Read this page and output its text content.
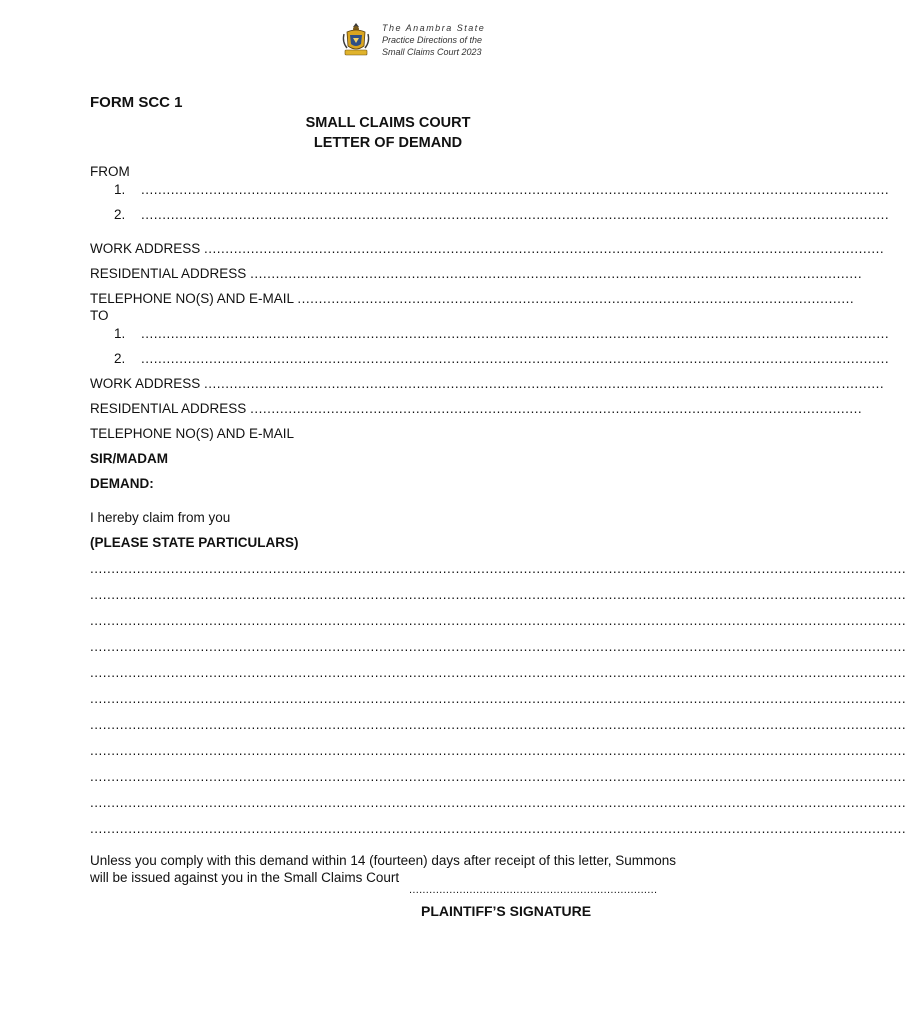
The Anambra State
Practice Directions of the
Small Claims Court 2023
FORM SCC 1
SMALL CLAIMS COURT
LETTER OF DEMAND
FROM
1. ................................................................................................................................................................................
2. ................................................................................................................................................................................
WORK ADDRESS ................................................................................................................................................................
RESIDENTIAL ADDRESS ................................................................................................................................................
TELEPHONE NO(S) AND E-MAIL ...................................................................................................................................
TO
1. ................................................................................................................................................................................
2. ................................................................................................................................................................................
WORK ADDRESS ................................................................................................................................................................
RESIDENTIAL ADDRESS ................................................................................................................................................
TELEPHONE NO(S) AND E-MAIL
SIR/MADAM
DEMAND:
I hereby claim from you
(PLEASE STATE PARTICULARS)
................................................................................................................................................................................................
................................................................................................................................................................................................
................................................................................................................................................................................................
................................................................................................................................................................................................
................................................................................................................................................................................................
................................................................................................................................................................................................
................................................................................................................................................................................................
................................................................................................................................................................................................
................................................................................................................................................................................................
................................................................................................................................................................................................
................................................................................................................................................................................................
Unless you comply with this demand within 14 (fourteen) days after receipt of this letter, Summons
will be issued against you in the Small Claims Court
..........................................................................
PLAINTIFF’S SIGNATURE
